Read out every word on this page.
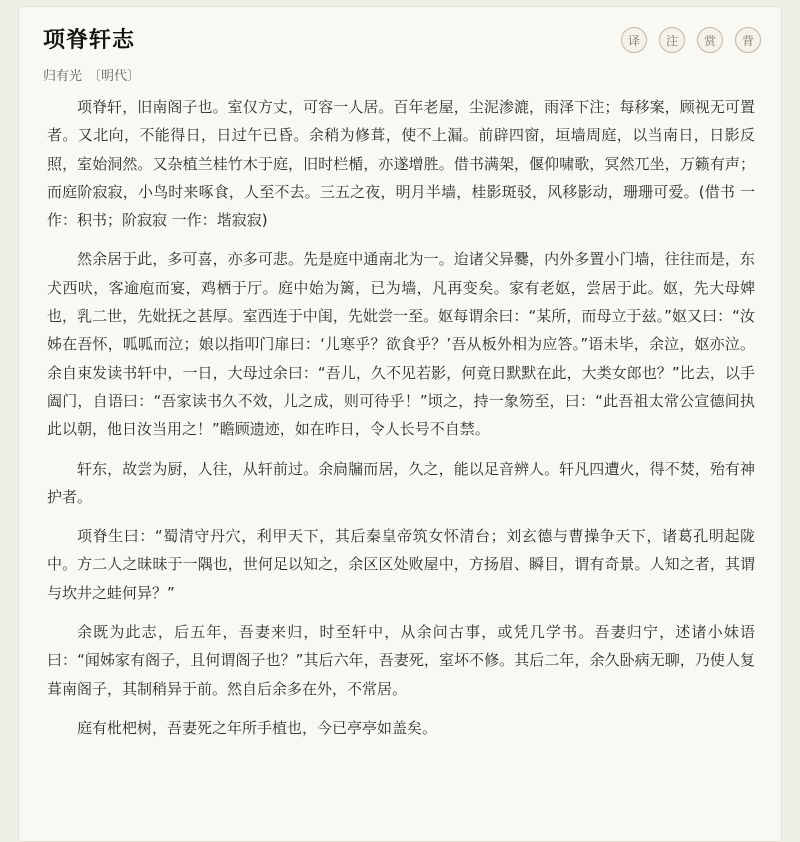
项脊轩志	译	注	赏	背
归有光 〔明代〕

项脊轩，旧南阁子也。室仅方丈，可容一人居。百年老屋，尘泥渗漉，雨泽下注；每移案，顾视无可置者。又北向，不能得日，日过午已昏。余稍为修葺，使不上漏。前辟四窗，垣墙周庭，以当南日，日影反照，室始洞然。又杂植兰桂竹木于庭，旧时栏楯，亦遂增胜。借书满架，偃仰啸歌，冥然兀坐，万籁有声；而庭阶寂寂，小鸟时来啄食，人至不去。三五之夜，明月半墙，桂影斑驳，风移影动，珊珊可爱。(借书 一作：积书；阶寂寂 一作：堦寂寂)

然余居于此，多可喜，亦多可悲。先是庭中通南北为一。迨诸父异爨，内外多置小门墙，往往而是，东犬西吠，客逾庖而宴，鸡栖于厅。庭中始为篱，已为墙，凡再变矣。家有老妪，尝居于此。妪，先大母婢也，乳二世，先妣抚之甚厚。室西连于中闺，先妣尝一至。妪每谓余曰：“某所，而母立于兹。”妪又曰：“汝姊在吾怀，呱呱而泣；娘以指叩门扉曰：‘儿寒乎？欲食乎？’吾从板外相为应答。”语未毕，余泣，妪亦泣。余自束发读书轩中，一日，大母过余曰：“吾儿，久不见若影，何竟日默默在此，大类女郎也？”比去，以手阖门，自语曰：“吾家读书久不效，儿之成，则可待乎！”顷之，持一象笏至，曰：“此吾祖太常公宣德间执此以朝，他日汝当用之！”瞻顾遗迹，如在昨日，令人长号不自禁。

轩东，故尝为厨，人往，从轩前过。余扃牖而居，久之，能以足音辨人。轩凡四遭火，得不焚，殆有神护者。

项脊生曰：“蜀清守丹穴，利甲天下，其后秦皇帝筑女怀清台；刘玄德与曹操争天下，诸葛孔明起陇中。方二人之昧昧于一隅也，世何足以知之，余区区处败屋中，方扬眉、瞬目，谓有奇景。人知之者，其谓与坎井之蛙何异？”

余既为此志，后五年，吾妻来归，时至轩中，从余问古事，或凭几学书。吾妻归宁，述诸小妹语曰：“闻姊家有阁子，且何谓阁子也？”其后六年，吾妻死，室坏不修。其后二年，余久卧病无聊，乃使人复葺南阁子，其制稍异于前。然自后余多在外，不常居。

庭有枇杷树，吾妻死之年所手植也，今已亭亭如盖矣。
